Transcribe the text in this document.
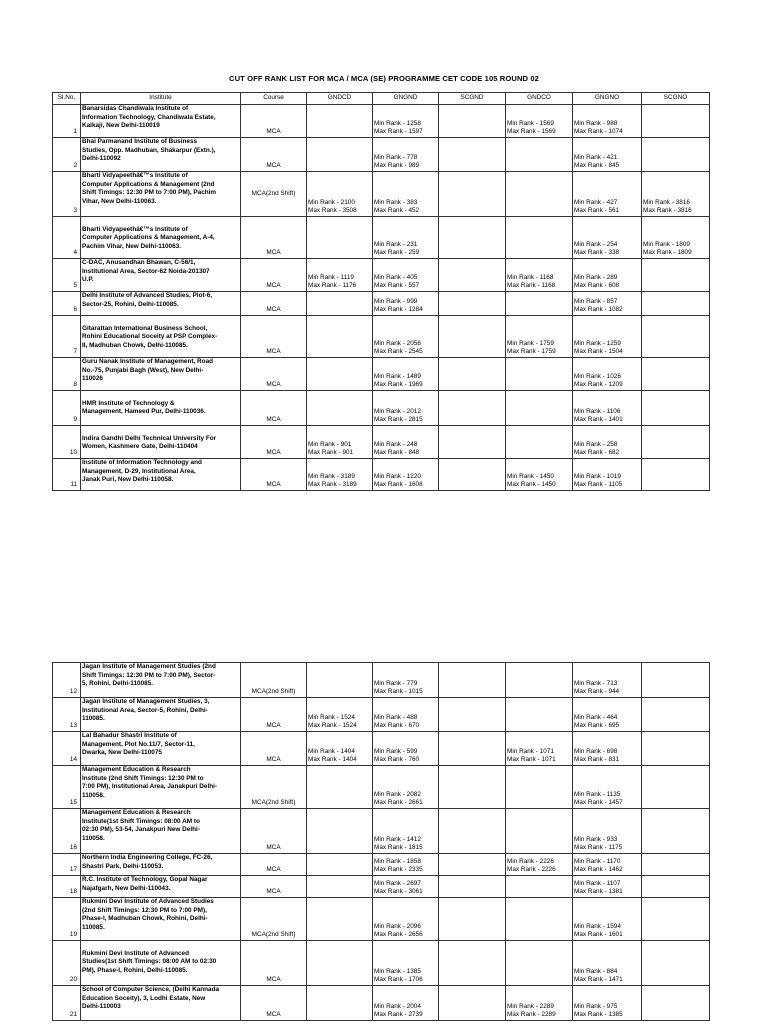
CUT OFF RANK LIST FOR MCA / MCA (SE) PROGRAMME CET CODE 105 ROUND 02
Sl.No.	Institute	Course	GNDCD	GNGND	SCGND	GNDCO	GNGNO	SCGNO
1	Banarsidas Chandiwala Institute of
Information Technology, Chandiwala Estate,
Kalkaji, New Delhi-110019	MCA		Min Rank - 1258
Max Rank - 1597		Min Rank - 1569
Max Rank - 1569	Min Rank - 988
Max Rank - 1074	

2	Bhai Parmanand Institute of Business
Studies, Opp. Madhuban, Shakarpur (Extn.),
Delhi-110092	MCA		Min Rank - 778
Max Rank - 989			Min Rank - 421
Max Rank - 845	

3	Bharti Vidyapeethâ€™s Institute of
Computer Applications & Management (2nd
Shift Timings: 12:30 PM to 7:00 PM), Pachim
Vihar, New Delhi-110063.	MCA(2nd Shift)	Min Rank - 2100
Max Rank - 3508	Min Rank - 383
Max Rank - 452			Min Rank - 427
Max Rank - 561	Min Rank - 3816
Max Rank - 3816

4	Bharti Vidyapeethâ€™s Institute of
Computer Applications & Management, A-4,
Pachim Vihar, New Delhi-110063.	MCA		Min Rank - 231
Max Rank - 259			Min Rank - 254
Max Rank - 338	Min Rank - 1809
Max Rank - 1809

5	C-DAC, Anusandhan Bhawan, C-56/1,
Institutional Area, Sector-62 Noida-201307
U.P.	MCA	Min Rank - 1119
Max Rank - 1176	Min Rank - 405
Max Rank - 557		Min Rank - 1168
Max Rank - 1168	Min Rank - 289
Max Rank - 608	

6	Delhi Institute of Advanced Studies, Plot-6,
Sector-25, Rohini, Delhi-110085.	MCA		Min Rank - 999
Max Rank - 1284			Min Rank - 857
Max Rank - 1082	

7	Gitarattan International Business School,
Rohini Educational Soceity at PSP Complex-
II, Madhuban Chowk, Delhi-110085.	MCA		Min Rank - 2056
Max Rank - 2545		Min Rank - 1759
Max Rank - 1759	Min Rank - 1259
Max Rank - 1504	

8	Guru Nanak Institute of Management, Road
No.-75, Punjabi Bagh (West), New Delhi-
110026	MCA		Min Rank - 1489
Max Rank - 1969			Min Rank - 1026
Max Rank - 1209	

9	HMR Institute of Technology &
Management, Hameed Pur, Delhi-110036.	MCA		Min Rank - 2012
Max Rank - 2815			Min Rank - 1106
Max Rank - 1401	

10	Indira Gandhi Delhi Technical University For
Women, Kashmere Gate, Delhi-110404	MCA	Min Rank - 901
Max Rank - 901	Min Rank - 248
Max Rank - 848			Min Rank - 258
Max Rank - 682	

11	Institute of Information Technology and
Management, D-29, Institutional Area,
Janak Puri, New Delhi-110058.	MCA	Min Rank - 3189
Max Rank - 3189	Min Rank - 1220
Max Rank - 1608		Min Rank - 1450
Max Rank - 1450	Min Rank - 1019
Max Rank - 1105	

12	Jagan Institute of Management Studies (2nd
Shift Timings: 12:30 PM to 7:00 PM), Sector-
5, Rohini, Delhi-110085.	MCA(2nd Shift)		Min Rank - 779
Max Rank - 1015			Min Rank - 713
Max Rank - 944	

13	Jagan Institute of Management Studies, 3,
Institutional Area, Sector-5, Rohini, Delhi-
110085.	MCA	Min Rank - 1524
Max Rank - 1524	Min Rank - 488
Max Rank - 670			Min Rank - 464
Max Rank - 695	

14	Lal Bahadur Shastri Institute of
Management, Plot No.11/7, Sector-11,
Dwarka, New Delhi-110075	MCA	Min Rank - 1404
Max Rank - 1404	Min Rank - 599
Max Rank - 760		Min Rank - 1071
Max Rank - 1071	Min Rank - 698
Max Rank - 831	

15	Management Education & Research
Institute (2nd Shift Timings: 12:30 PM to
7:00 PM), Institutional Area, Janakpuri Delhi-
110058.	MCA(2nd Shift)		Min Rank - 2082
Max Rank - 2661			Min Rank - 1135
Max Rank - 1457	

16	Management Education & Research
Institute(1st Shift Timings: 08:00 AM to
02:30 PM), 53-54, Janakpuri New Delhi-
110058.	MCA		Min Rank - 1412
Max Rank - 1815			Min Rank - 933
Max Rank - 1175	

17	Northern India Engineering College, FC-26,
Shastri Park, Delhi-110053.	MCA		Min Rank - 1858
Max Rank - 2335		Min Rank - 2226
Max Rank - 2226	Min Rank - 1170
Max Rank - 1462	

18	R.C. Institute of Technology, Gopal Nagar
Najafgarh, New Delhi-110043.	MCA		Min Rank - 2697
Max Rank - 3061			Min Rank - 1107
Max Rank - 1381	

19	Rukmini Devi Institute of Advanced Studies
(2nd Shift Timings: 12:30 PM to 7:00 PM),
Phase-I, Madhuban Chowk, Rohini, Delhi-
110085.	MCA(2nd Shift)		Min Rank - 2096
Max Rank - 2656			Min Rank - 1594
Max Rank - 1601	

20	Rukmini Devi Institute of Advanced
Studies(1st Shift Timings: 08:00 AM to 02:30
PM), Phase-I, Rohini, Delhi-110085.	MCA		Min Rank - 1385
Max Rank - 1706			Min Rank - 884
Max Rank - 1471	

21	School of Computer Science, (Delhi Kannada
Education Soceity), 3, Lodhi Estate, New
Delhi-110003	MCA		Min Rank - 2004
Max Rank - 2739		Min Rank - 2289
Max Rank - 2289	Min Rank - 975
Max Rank - 1385	
